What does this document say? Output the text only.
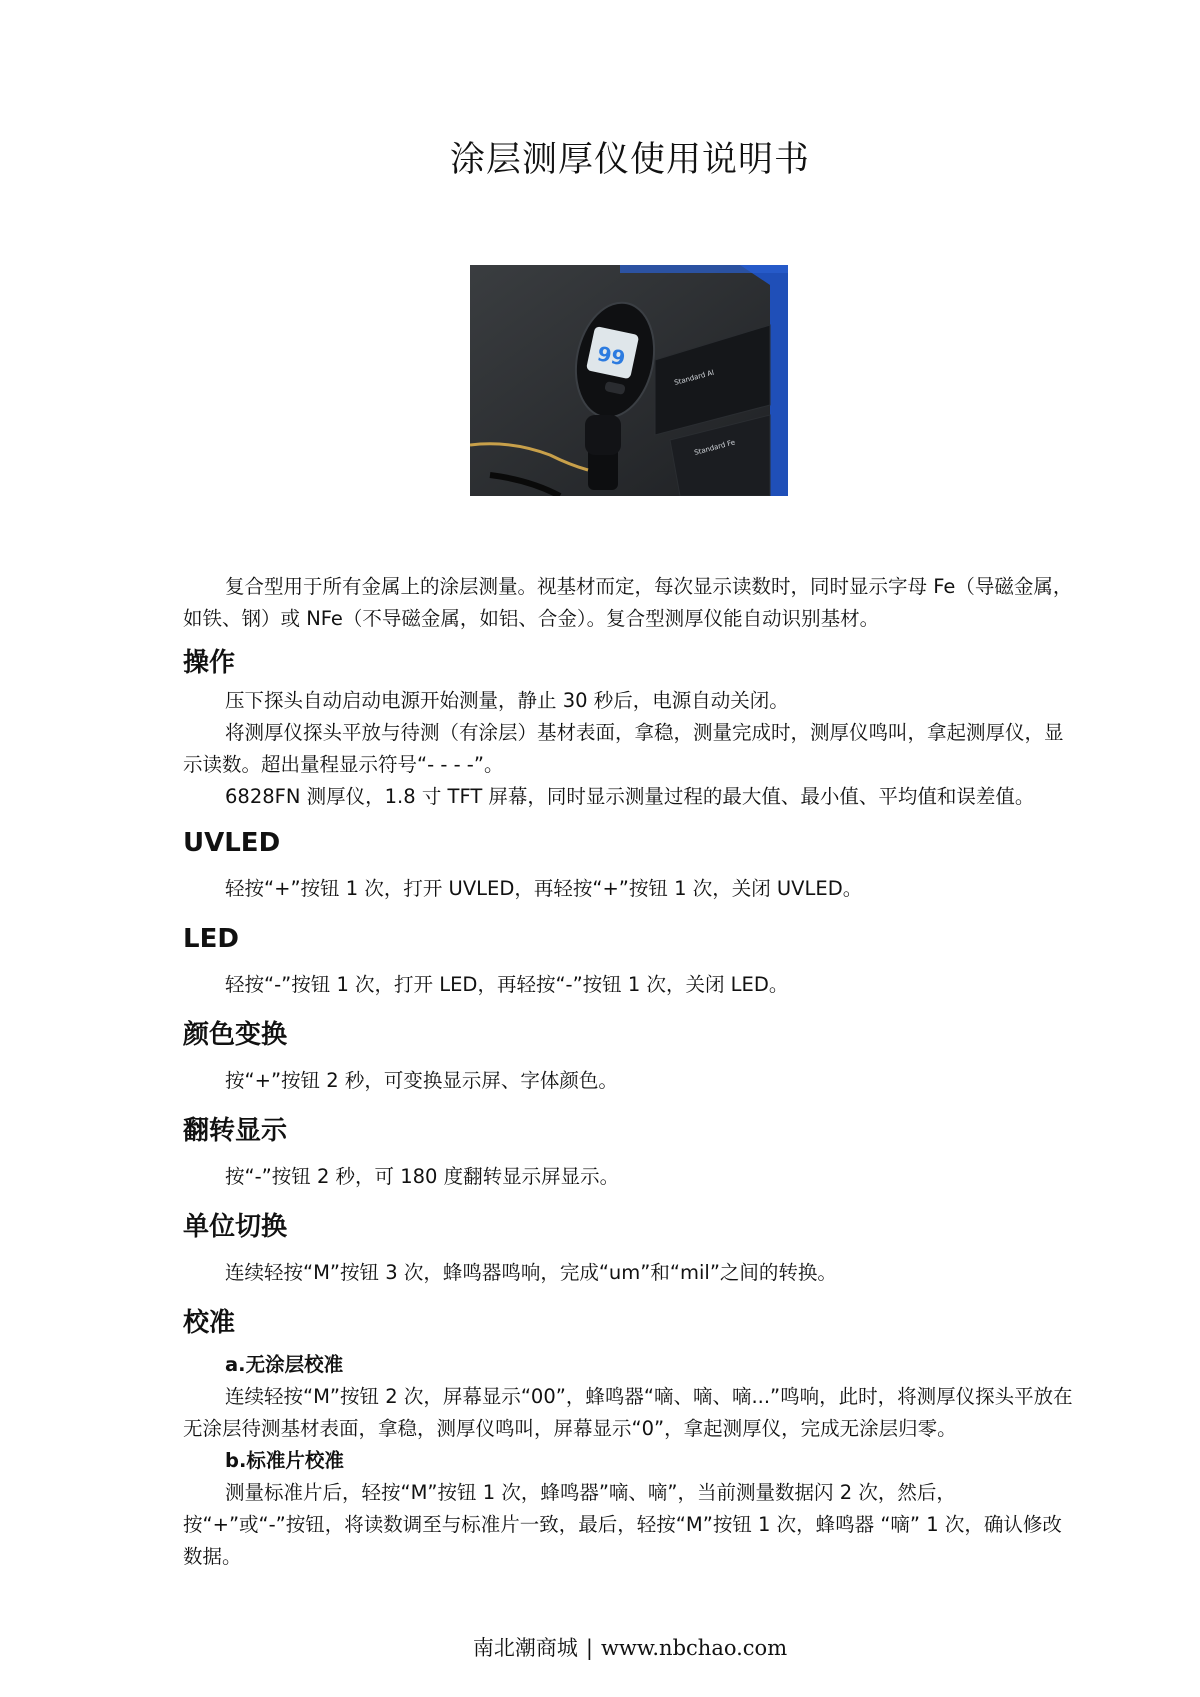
涂层测厚仪使用说明书
Standard Al
Standard Fe
99

复合型用于所有金属上的涂层测量。视基材而定，每次显示读数时，同时显示字母 Fe（导磁金属，如铁、钢）或 NFe（不导磁金属，如铝、合金）。复合型测厚仪能自动识别基材。

操作

压下探头自动启动电源开始测量，静止 30 秒后，电源自动关闭。

将测厚仪探头平放与待测（有涂层）基材表面，拿稳，测量完成时，测厚仪鸣叫，拿起测厚仪，显示读数。超出量程显示符号“- - - -”。

6828FN 测厚仪，1.8 寸 TFT 屏幕，同时显示测量过程的最大值、最小值、平均值和误差值。

UVLED

轻按“+”按钮 1 次，打开 UVLED，再轻按“+”按钮 1 次，关闭 UVLED。

LED

轻按“-”按钮 1 次，打开 LED，再轻按“-”按钮 1 次，关闭 LED。

颜色变换

按“+”按钮 2 秒，可变换显示屏、字体颜色。

翻转显示

按“-”按钮 2 秒，可 180 度翻转显示屏显示。

单位切换

连续轻按“M”按钮 3 次，蜂鸣器鸣响，完成“um”和“mil”之间的转换。

校准

a.无涂层校准

连续轻按“M”按钮 2 次，屏幕显示“00”，蜂鸣器“嘀、嘀、嘀...”鸣响，此时，将测厚仪探头平放在无涂层待测基材表面，拿稳，测厚仪鸣叫，屏幕显示“0”，拿起测厚仪，完成无涂层归零。

b.标准片校准

测量标准片后，轻按“M”按钮 1 次，蜂鸣器”嘀、嘀”，当前测量数据闪 2 次，然后，按“+”或“-”按钮，将读数调至与标准片一致，最后，轻按“M”按钮 1 次，蜂鸣器 “嘀” 1 次，确认修改数据。

南北潮商城 | www.nbchao.com
